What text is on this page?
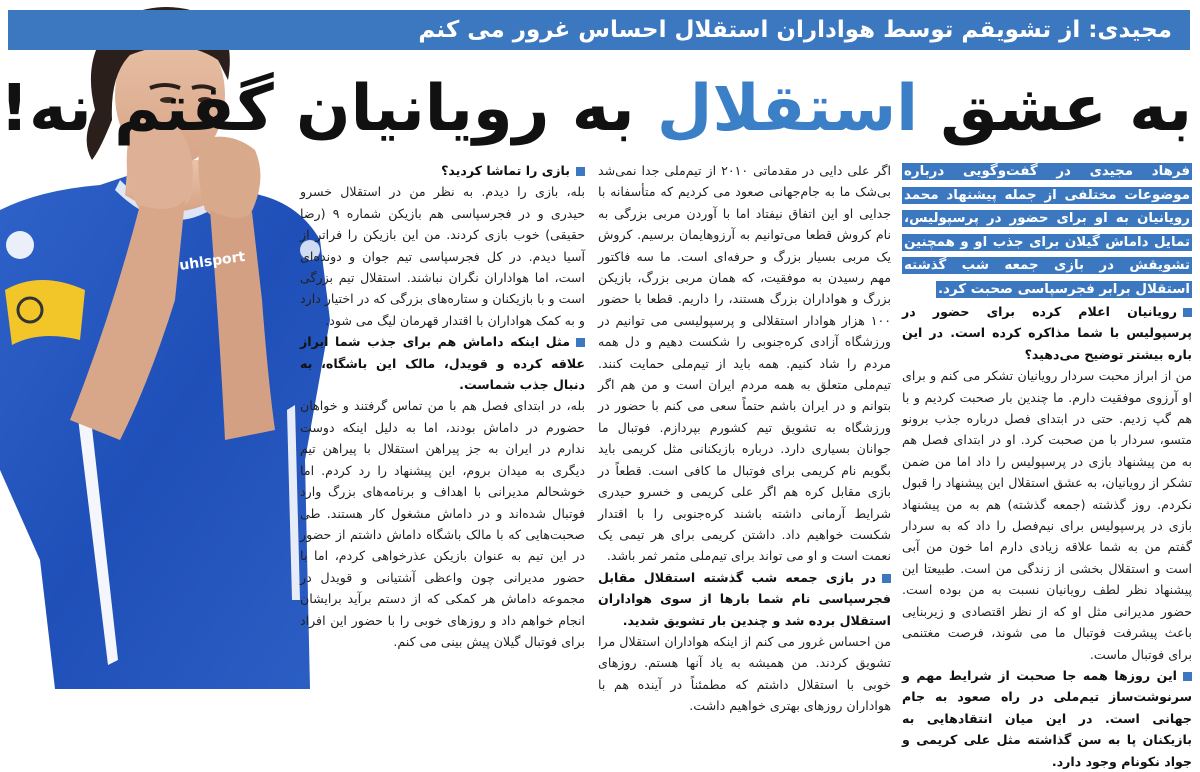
uhlsport
مجیدی: از تشویقم توسط هواداران استقلال احساس غرور می کنم
به عشق استقلال به رویانیان گفتم نه!

فرهاد مجیدی در گفت‌وگویی درباره موضوعات مختلفی از جمله پیشنهاد محمد رویانیان به او برای حضور در پرسپولیس، تمایل داماش گیلان برای جذب او و همچنین تشویقش در بازی جمعه شب گذشته استقلال برابر فجرسپاسی صحبت کرد.

رویانیان اعلام کرده برای حضور در پرسپولیس با شما مذاکره کرده است. در این باره بیشتر توضیح می‌دهید؟

من از ابراز محبت سردار رویانیان تشکر می کنم و برای او آرزوی موفقیت دارم. ما چندین بار صحبت کردیم و با هم گپ زدیم. حتی در ابتدای فصل درباره جذب برونو متسو، سردار با من صحبت کرد. او در ابتدای فصل هم به من پیشنهاد بازی در پرسپولیس را داد اما من ضمن تشکر از رویانیان، به عشق استقلال این پیشنهاد را قبول نکردم. روز گذشته (جمعه گذشته) هم به من پیشنهاد بازی در پرسپولیس برای نیم‌فصل را داد که به سردار گفتم من به شما علاقه زیادی دارم اما خون من آبی است و استقلال بخشی از زندگی من است. طبیعتا این پیشنهاد نظر لطف رویانیان نسبت به من بوده است. حضور مدیرانی مثل او که از نظر اقتصادی و زیربنایی باعث پیشرفت فوتبال ما می شوند، فرصت مغتنمی برای فوتبال ماست.

این روزها همه جا صحبت از شرایط مهم و سرنوشت‌ساز تیم‌ملی در راه صعود به جام جهانی است. در این میان انتقادهایی به بازیکنان پا به سن گذاشته مثل علی کریمی و جواد نکونام وجود دارد.

اگر علی دایی در مقدماتی ۲۰۱۰ از تیم‌ملی جدا نمی‌شد بی‌شک ما به جام‌جهانی صعود می کردیم که متأسفانه با جدایی او این اتفاق نیفتاد اما با آوردن مربی بزرگی به نام کروش قطعا می‌توانیم به آرزوهایمان برسیم. کروش یک مربی بسیار بزرگ و حرفه‌ای است. ما سه فاکتور مهم رسیدن به موفقیت، که همان مربی بزرگ، بازیکن بزرگ و هواداران بزرگ هستند، را داریم. قطعا با حضور ۱۰۰ هزار هوادار استقلالی و پرسپولیسی می توانیم در ورزشگاه آزادی کره‌جنوبی را شکست دهیم و دل همه مردم را شاد کنیم. همه باید از تیم‌ملی حمایت کنند. تیم‌ملی متعلق به همه مردم ایران است و من هم اگر بتوانم و در ایران باشم حتماً سعی می کنم با حضور در ورزشگاه به تشویق تیم کشورم بپردازم. فوتبال ما جوانان بسیاری دارد. درباره بازیکنانی مثل کریمی باید بگویم نام کریمی برای فوتبال ما کافی است. قطعاً در بازی مقابل کره هم اگر علی کریمی و خسرو حیدری شرایط آرمانی داشته باشند کره‌جنوبی را با اقتدار شکست خواهیم داد. داشتن کریمی برای هر تیمی یک نعمت است و او می تواند برای تیم‌ملی مثمر ثمر باشد.

در بازی جمعه شب گذشته استقلال مقابل فجرسپاسی نام شما بارها از سوی هواداران استقلال برده شد و چندین بار تشویق شدید.

من احساس غرور می کنم از اینکه هواداران استقلال مرا تشویق کردند. من همیشه به یاد آنها هستم. روزهای خوبی با استقلال داشتم که مطمئناً در آینده هم با هواداران روزهای بهتری خواهیم داشت.

بازی را تماشا کردید؟

بله، بازی را دیدم. به نظر من در استقلال خسرو حیدری و در فجرسپاسی هم بازیکن شماره ۹ (رضا حقیقی) خوب بازی کردند. من این بازیکن را فراتر از آسیا دیدم. در کل فجرسپاسی تیم جوان و دونده‌ای است، اما هواداران نگران نباشند. استقلال تیم بزرگی است و با بازیکنان و ستاره‌های بزرگی که در اختیار دارد و به کمک هواداران با اقتدار قهرمان لیگ می شود.

مثل اینکه داماش هم برای جذب شما ابراز علاقه کرده و قویدل، مالک این باشگاه، به دنبال جذب شماست.

بله، در ابتدای فصل هم با من تماس گرفتند و خواهان حضورم در داماش بودند، اما به دلیل اینکه دوست ندارم در ایران به جز پیراهن استقلال با پیراهن تیم دیگری به میدان بروم، این پیشنهاد را رد کردم. اما خوشحالم مدیرانی با اهداف و برنامه‌های بزرگ وارد فوتبال شده‌اند و در داماش مشغول کار هستند. طی صحبت‌هایی که با مالک باشگاه داماش داشتم از حضور در این تیم به عنوان بازیکن عذرخواهی کردم، اما با حضور مدیرانی چون واعظی آشتیانی و قویدل در مجموعه داماش هر کمکی که از دستم برآید برایشان انجام خواهم داد و روزهای خوبی را با حضور این افراد برای فوتبال گیلان پیش بینی می کنم.
